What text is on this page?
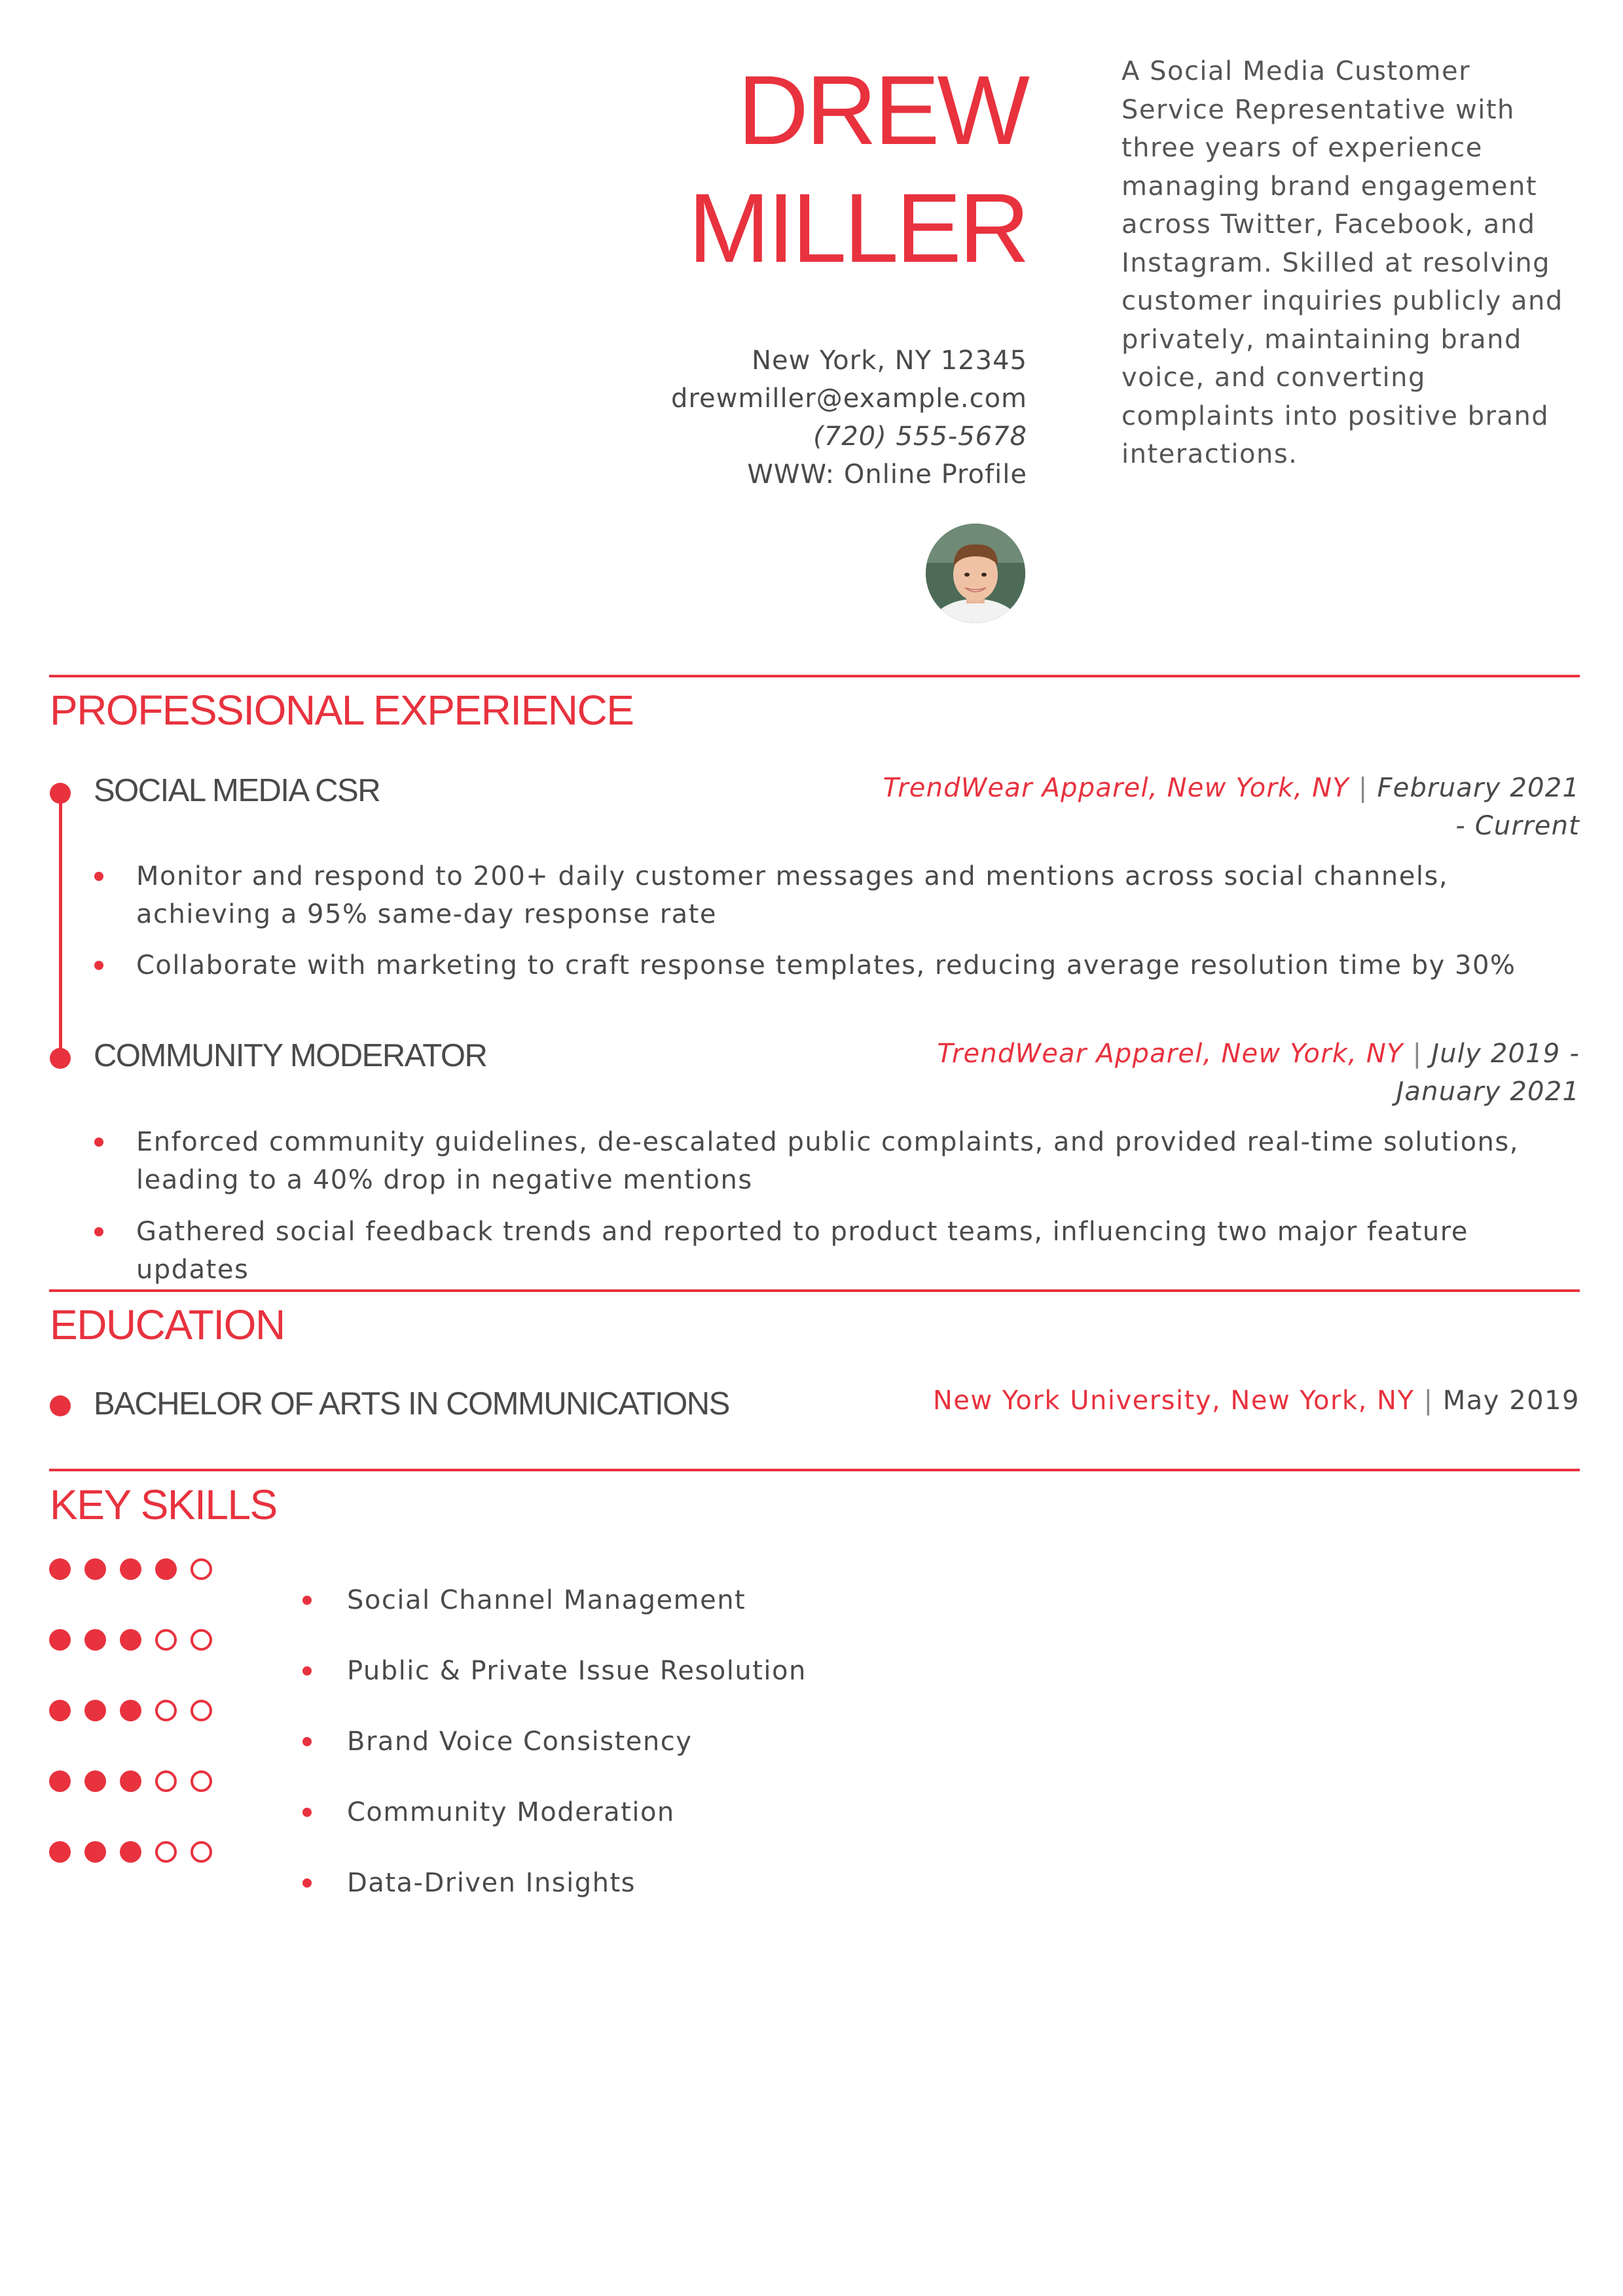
DREW
MILLER
New York, NY 12345
drewmiller@example.com
(720) 555-5678
WWW: Online Profile
A Social Media Customer Service Representative with three years of experience managing brand engagement across Twitter, Facebook, and Instagram. Skilled at resolving customer inquiries publicly and privately, maintaining brand voice, and converting complaints into positive brand interactions.
PROFESSIONAL EXPERIENCE
SOCIAL MEDIA CSR	TrendWear Apparel, New York, NY | February 2021
- Current
Monitor and respond to 200+ daily customer messages and mentions across social channels, achieving a 95% same-day response rate
Collaborate with marketing to craft response templates, reducing average resolution time by 30%
COMMUNITY MODERATOR	TrendWear Apparel, New York, NY | July 2019 -
January 2021
Enforced community guidelines, de-escalated public complaints, and provided real-time solutions, leading to a 40% drop in negative mentions
Gathered social feedback trends and reported to product teams, influencing two major feature updates
EDUCATION
BACHELOR OF ARTS IN COMMUNICATIONS	New York University, New York, NY | May 2019
KEY SKILLS
Social Channel Management
Public & Private Issue Resolution
Brand Voice Consistency
Community Moderation
Data-Driven Insights
